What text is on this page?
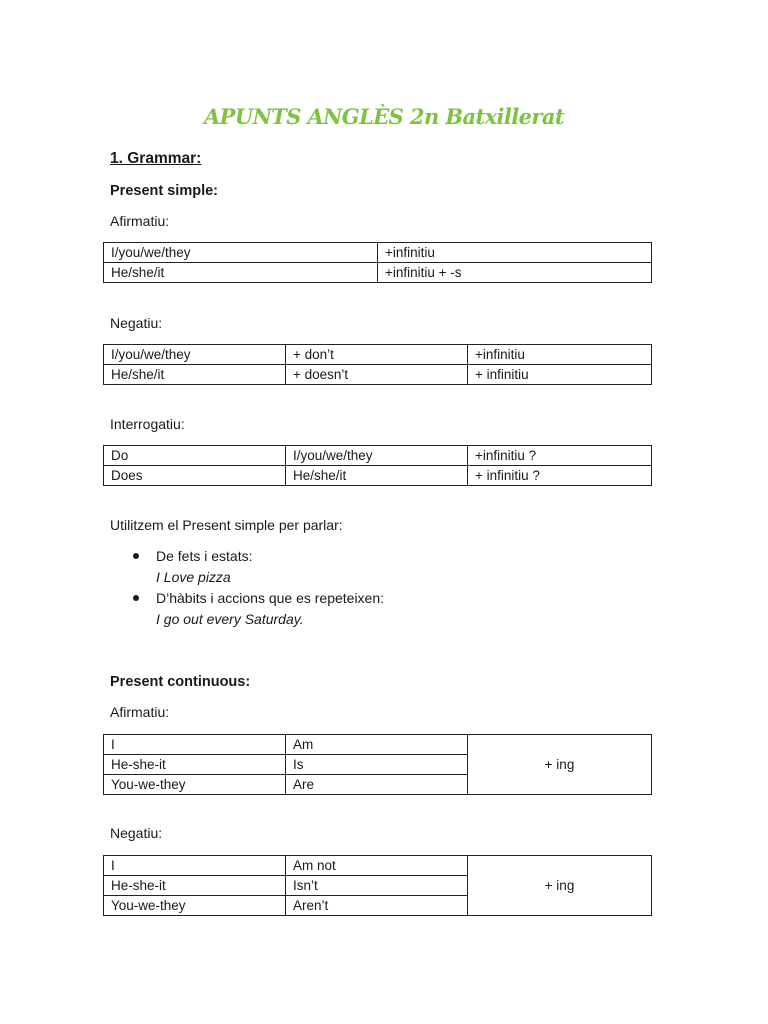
APUNTS ANGLÈS 2n Batxillerat
1. Grammar:
Present simple:
Afirmatiu:
I/you/we/they	+infinitiu
He/she/it	+infinitiu + -s
Negatiu:
I/you/we/they	+ don’t	+infinitiu
He/she/it	+ doesn’t	+ infinitiu
Interrogatiu:
Do	I/you/we/they	+infinitiu ?
Does	He/she/it	+ infinitiu ?
Utilitzem el Present simple per parlar:
De fets i estats:
I Love pizza
D’hàbits i accions que es repeteixen:
I go out every Saturday.
Present continuous:
Afirmatiu:
I	Am	+ ing
He-she-it	Is	
You-we-they	Are	
Negatiu:
I	Am not	+ ing
He-she-it	Isn’t	
You-we-they	Aren’t	
